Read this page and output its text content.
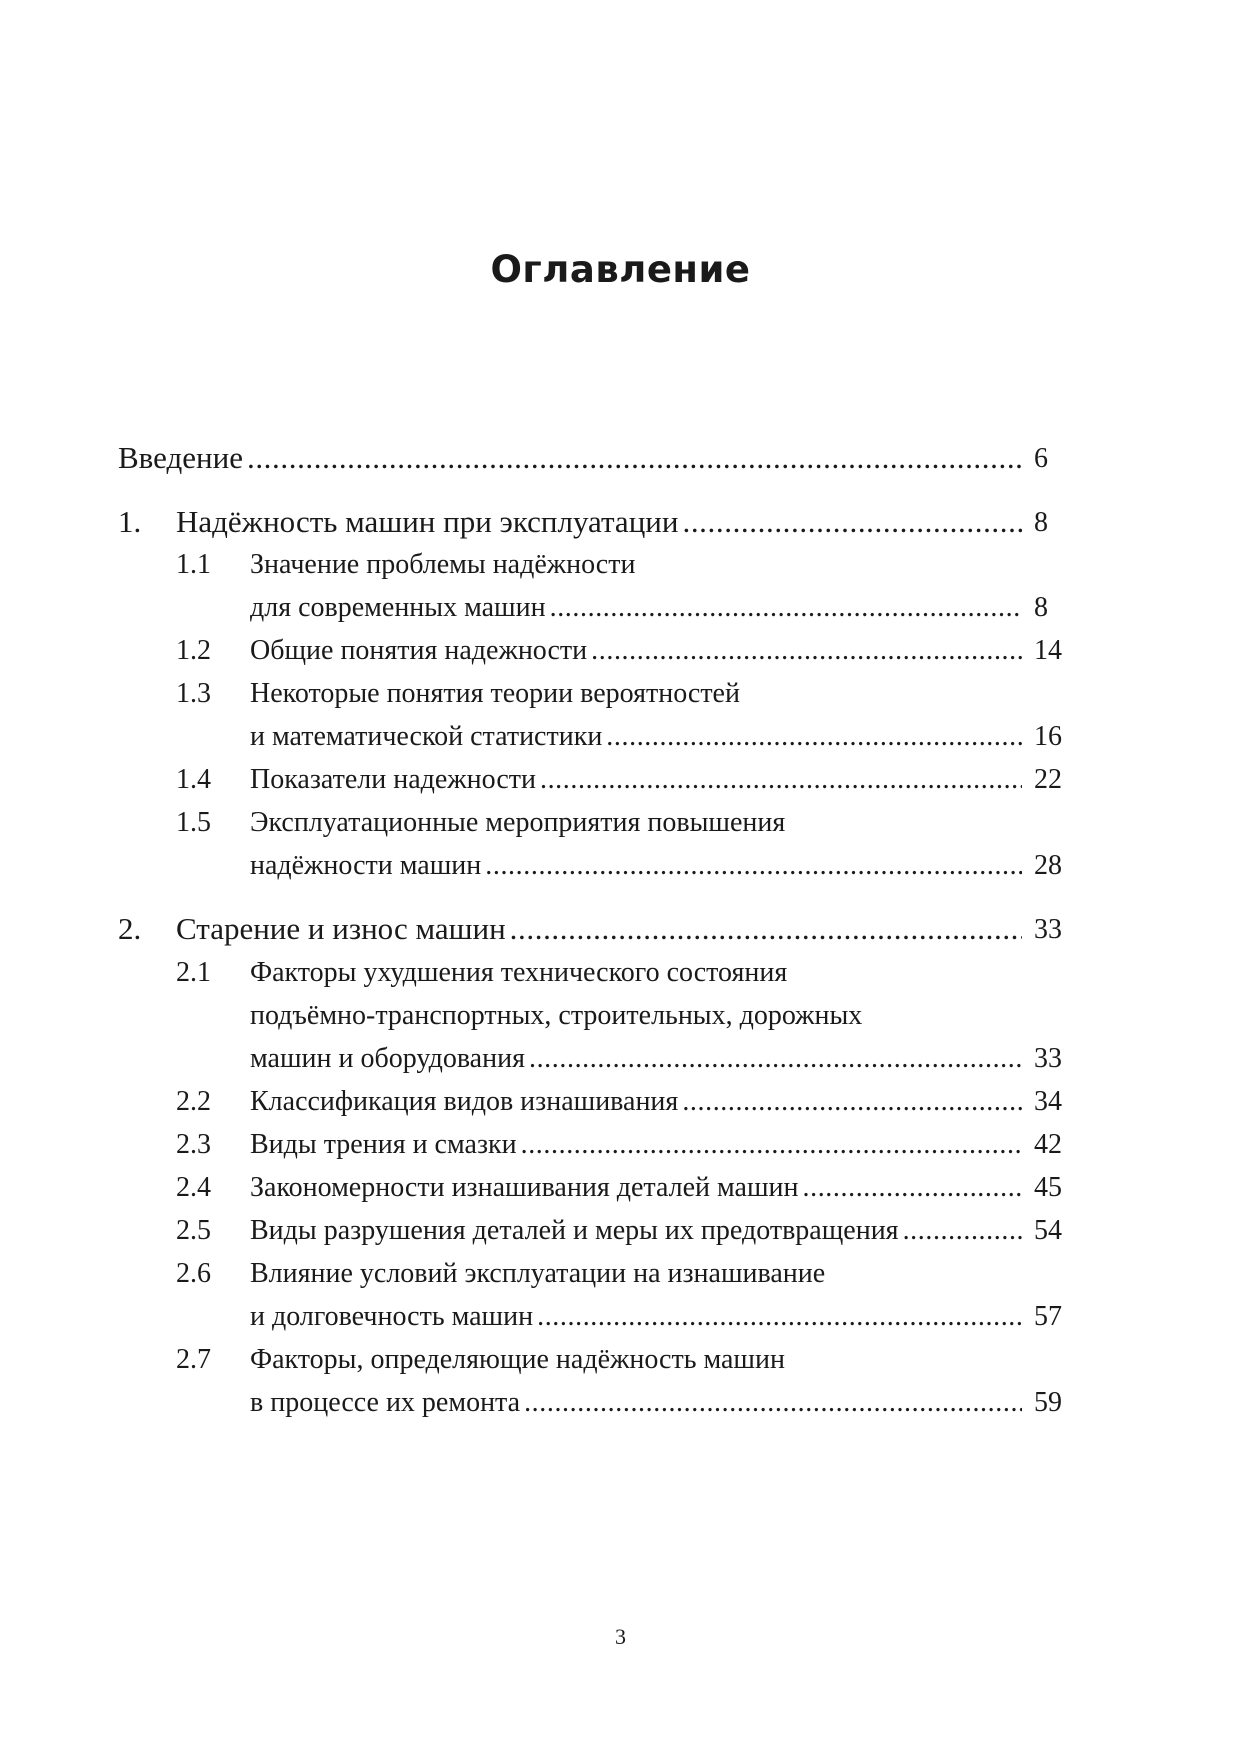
Оглавление
Введение .....	6
1. Надёжность машин при эксплуатации .....	8
1.1 Значение проблемы надёжности
для современных машин .....	8
1.2 Общие понятия надежности .....	14
1.3 Некоторые понятия теории вероятностей
и математической статистики .....	16
1.4 Показатели надежности .....	22
1.5 Эксплуатационные мероприятия повышения
надёжности машин .....	28
2. Старение и износ машин .....	33
2.1 Факторы ухудшения технического состояния
подъёмно-транспортных, строительных, дорожных
машин и оборудования .....	33
2.2 Классификация видов изнашивания .....	34
2.3 Виды трения и смазки .....	42
2.4 Закономерности изнашивания деталей машин .....	45
2.5 Виды разрушения деталей и меры их предотвращения .....	54
2.6 Влияние условий эксплуатации на изнашивание
и долговечность машин .....	57
2.7 Факторы, определяющие надёжность машин
в процессе их ремонта .....	59
3
